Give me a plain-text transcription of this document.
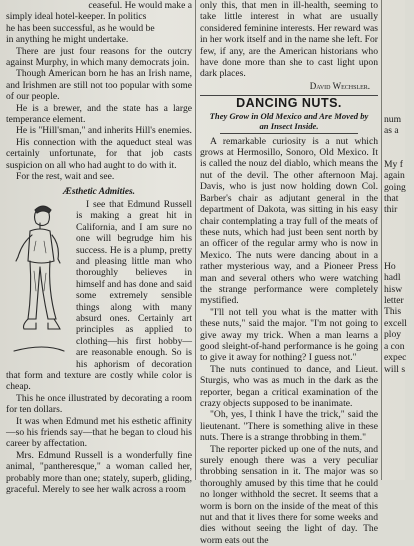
ceaseful. He would make a

simply ideal hotel-keeper. In politics

he has been successful, as he would be

in anything he might undertake.

There are just four reasons for the outcry against Murphy, in which many democrats join.

Though American born he has an Irish name, and Irishmen are still not too popular with some of our people.

He is a brewer, and the state has a large temperance element.

He is "Hill'sman," and inherits Hill's enemies.

His connection with the aqueduct steal was certainly unfortunate, for that job casts suspicion on all who had aught to do with it.

For the rest, wait and see.

Æsthetic Admities.

I see that Edmund Russell is making a great hit in California, and I am sure no one will begrudge him his success. He is a plump, pretty and pleasing little man who thoroughly believes in himself and has done and said some extremely sensible things along with many absurd ones. Certainly art principles as applied to clothing—his first hobby—are reasonable enough. So is his aphorism of decoration that form and texture are costly while color is cheap.

This he once illustrated by decorating a room for ten dollars.

It was when Edmund met his esthetic affinity—so his friends say—that he began to cloud his career by affectation.

Mrs. Edmund Russell is a wonderfully fine animal, "pantheresque," a woman called her, probably more than one; stately, superb, gliding, graceful. Merely to see her walk across a room

only this, that men in ill-health, seeming to take little interest in what are usually considered feminine interests. Her reward was in her work itself and in the name she left. For few, if any, are the American historians who have done more than she to cast light upon dark places.

David Wechsler.
DANCING NUTS.
They Grow in Old Mexico and Are Moved by an Insect Inside.

A remarkable curiosity is a nut which grows at Hermosillo, Sonoro, Old Mexico. It is called the nouz del diablo, which means the nut of the devil. The other afternoon Maj. Davis, who is just now holding down Col. Barber's chair as adjutant general in the department of Dakota, was sitting in his easy chair contemplating a tray full of the meats of these nuts, which had just been sent north by an officer of the regular army who is now in Mexico. The nuts were dancing about in a rather mysterious way, and a Pioneer Press man and several others who were watching the strange performance were completely mystified.

"I'll not tell you what is the matter with these nuts," said the major. "I'm not going to give away my trick. When a man learns a good sleight-of-hand performance is he going to give it away for nothing? I guess not."

The nuts continued to dance, and Lieut. Sturgis, who was as much in the dark as the reporter, began a critical examination of the crazy objects supposed to be inanimate.

"Oh, yes, I think I have the trick," said the lieutenant. "There is something alive in these nuts. There is a strange throbbing in them."

The reporter picked up one of the nuts, and surely enough there was a very peculiar throbbing sensation in it. The major was so thoroughly amused by this time that he could no longer withhold the secret. It seems that a worm is born on the inside of the meat of this nut and that it lives there for some weeks and dies without seeing the light of day. The worm eats out the

num

as a

My f

again

going

that

thir

Ho

hadl

hisw

letter

This

excell

ploy

a con

expec

will s
